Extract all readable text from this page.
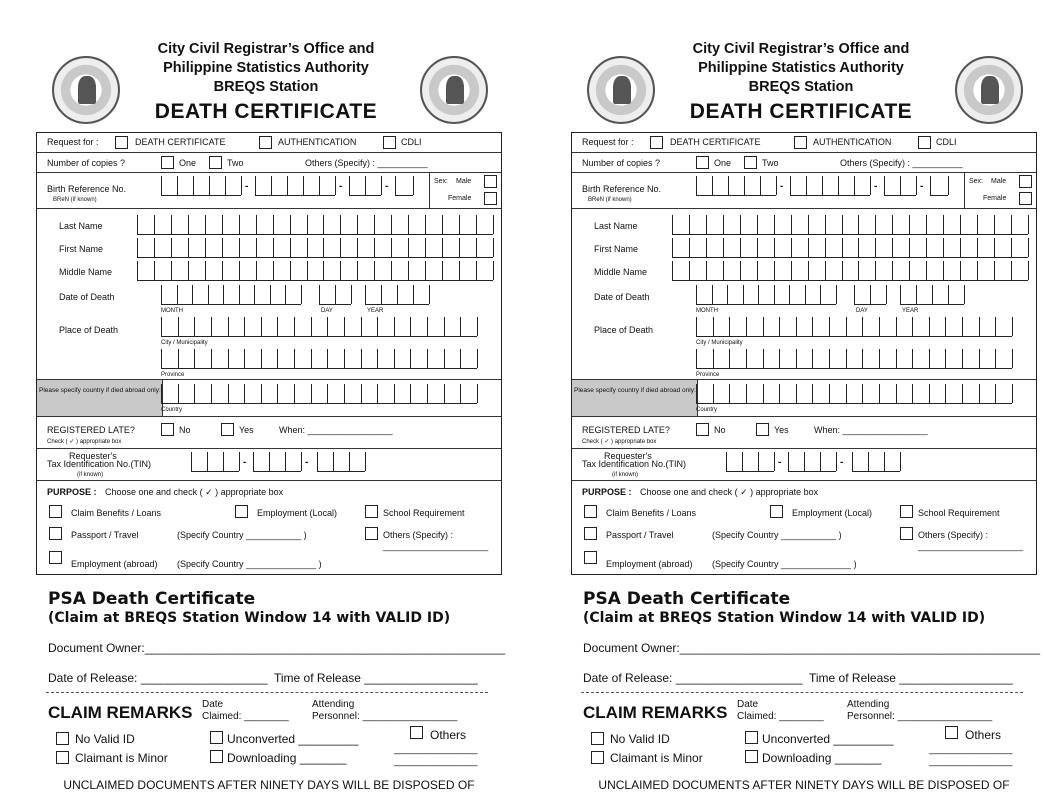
City Civil Registrar’s Office and
Philippine Statistics Authority
BREQS Station
DEATH CERTIFICATE
Request for :	DEATH CERTIFICATE	AUTHENTICATION	CDLI
Number of copies ?	One	Two	Others (Specify) : __________
Birth Reference No.
BReN (if known)
-	-	-	Sex: Male
Female
Last Name
First Name
Middle Name
Date of Death
MONTH	DAY	YEAR
Place of Death
City / Municipality
Province
Please specify country if died abroad only:
Country
REGISTERED LATE?
Check ( ✓ ) appropriate box
No	Yes	When: _________________
Requester's
Tax Identification No.(TIN)
(if known)
-	-
PURPOSE : Choose one and check ( ✓ ) appropriate box
Claim Benefits / Loans	Employment (Local)	School Requirement
Passport / Travel	(Specify Country ___________ )	Others (Specify) :
_____________________
Employment (abroad) (Specify Country ______________ )
PSA Death Certificate
(Claim at BREQS Station Window 14 with VALID ID)
Document Owner:______________________________________________________
Date of Release: ___________________ Time of Release _________________
CLAIM REMARKS Date
Claimed: ________
Attending
Personnel: _________________
No Valid ID
Claimant is Minor
Unconverted _________
Downloading _______
Others
_______________
_______________
UNCLAIMED DOCUMENTS AFTER NINETY DAYS WILL BE DISPOSED OF
City Civil Registrar’s Office and
Philippine Statistics Authority
BREQS Station
DEATH CERTIFICATE
Request for :	DEATH CERTIFICATE	AUTHENTICATION	CDLI
Number of copies ?	One	Two	Others (Specify) : __________
Birth Reference No.
BReN (if known)
-	-	-	Sex: Male
Female
Last Name
First Name
Middle Name
Date of Death
MONTH	DAY	YEAR
Place of Death
City / Municipality
Province
Please specify country if died abroad only:
Country
REGISTERED LATE?
Check ( ✓ ) appropriate box
No	Yes	When: _________________
Requester's
Tax Identification No.(TIN)
(if known)
-	-
PURPOSE : Choose one and check ( ✓ ) appropriate box
Claim Benefits / Loans	Employment (Local)	School Requirement
Passport / Travel	(Specify Country ___________ )	Others (Specify) :
_____________________
Employment (abroad) (Specify Country ______________ )
PSA Death Certificate
(Claim at BREQS Station Window 14 with VALID ID)
Document Owner:______________________________________________________
Date of Release: ___________________ Time of Release _________________
CLAIM REMARKS Date
Claimed: ________
Attending
Personnel: _________________
No Valid ID
Claimant is Minor
Unconverted _________
Downloading _______
Others
_______________
_______________
UNCLAIMED DOCUMENTS AFTER NINETY DAYS WILL BE DISPOSED OF
